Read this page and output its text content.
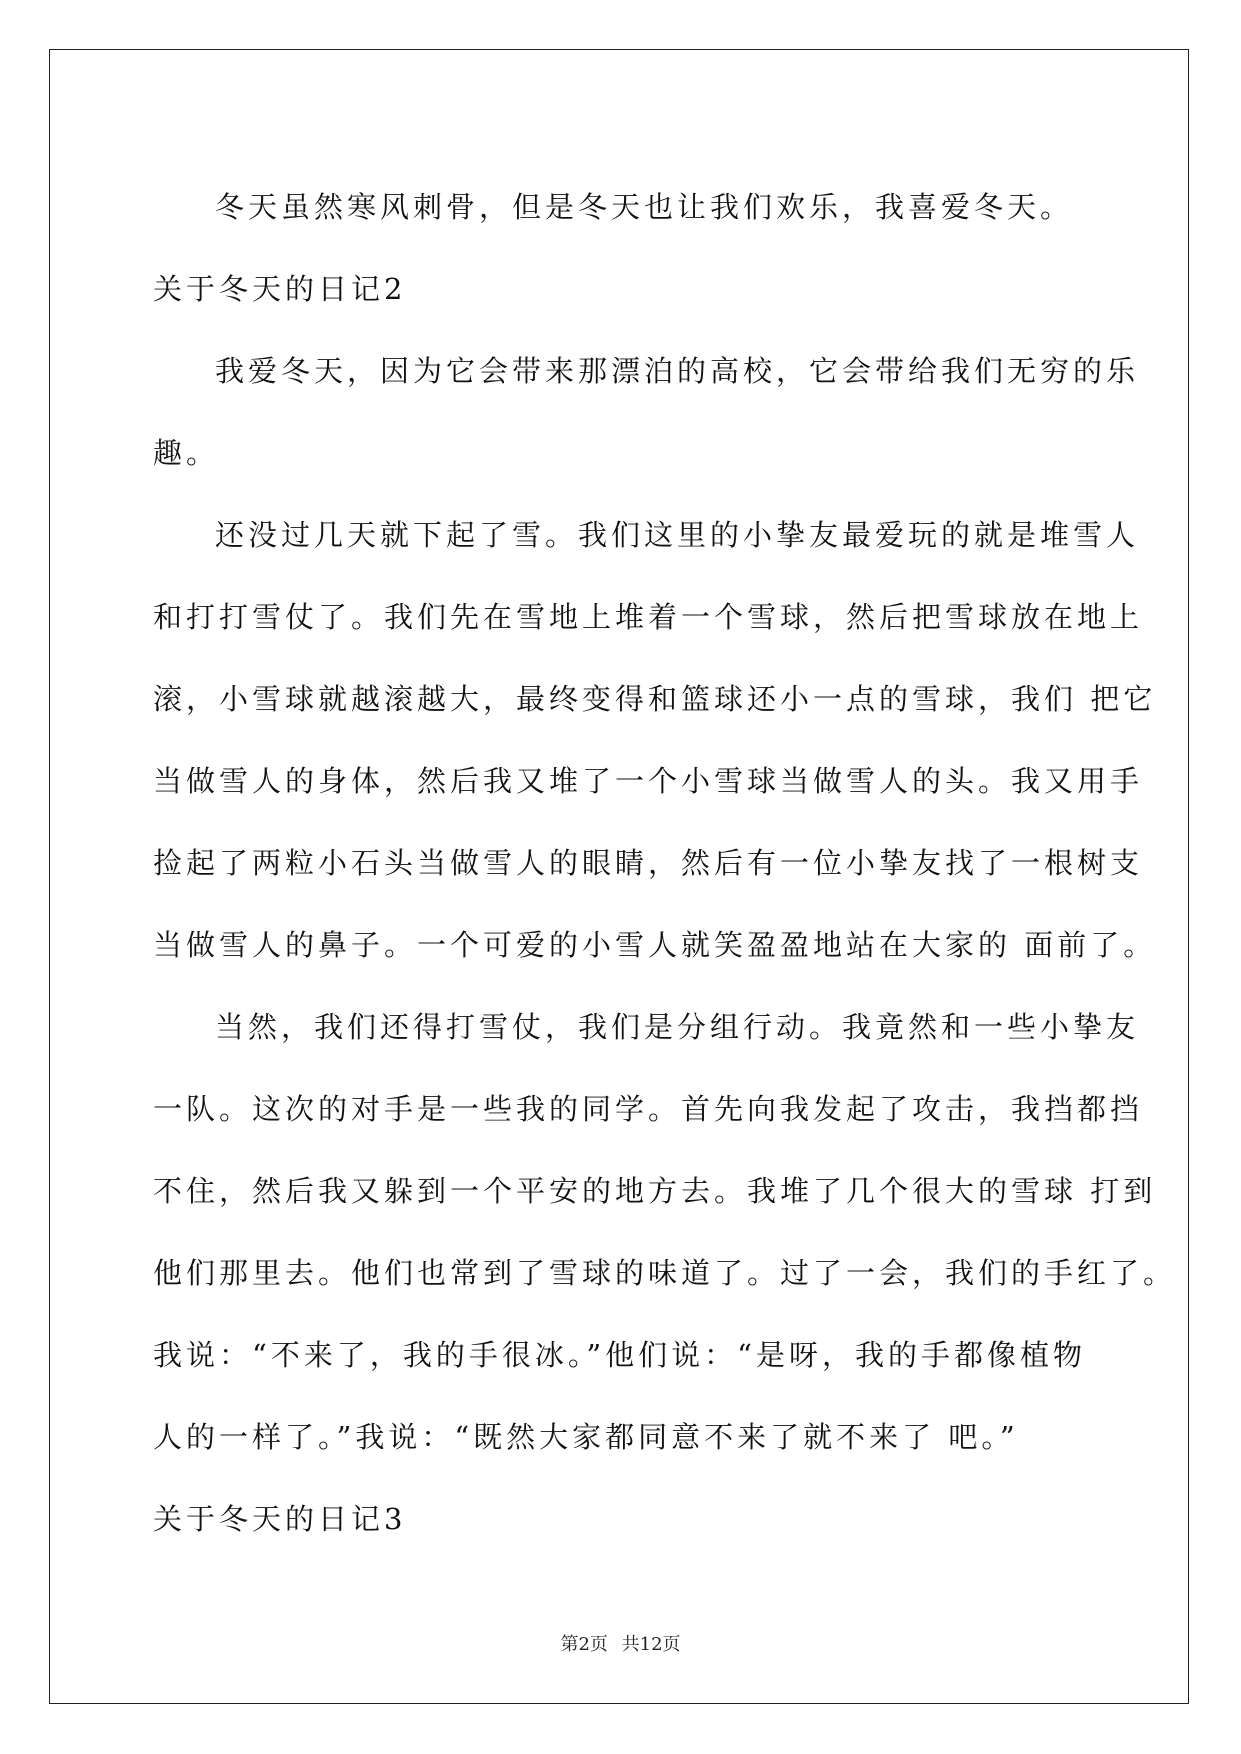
冬天虽然寒风刺骨，但是冬天也让我们欢乐，我喜爱冬天。
关于冬天的日记2
我爱冬天，因为它会带来那漂泊的高校，它会带给我们无穷的乐
趣。
还没过几天就下起了雪。我们这里的小挚友最爱玩的就是堆雪人
和打打雪仗了。我们先在雪地上堆着一个雪球，然后把雪球放在地上
滚，小雪球就越滚越大，最终变得和篮球还小一点的雪球，我们 把它
当做雪人的身体，然后我又堆了一个小雪球当做雪人的头。我又用手
捡起了两粒小石头当做雪人的眼睛，然后有一位小挚友找了一根树支
当做雪人的鼻子。一个可爱的小雪人就笑盈盈地站在大家的 面前了。
当然，我们还得打雪仗，我们是分组行动。我竟然和一些小挚友
一队。这次的对手是一些我的同学。首先向我发起了攻击，我挡都挡
不住，然后我又躲到一个平安的地方去。我堆了几个很大的雪球 打到
他们那里去。他们也常到了雪球的味道了。过了一会，我们的手红了。
我说：“不来了，我的手很冰。”他们说：“是呀，我的手都像植物
人的一样了。”我说：“既然大家都同意不来了就不来了 吧。”
关于冬天的日记3
第2页 共12页
